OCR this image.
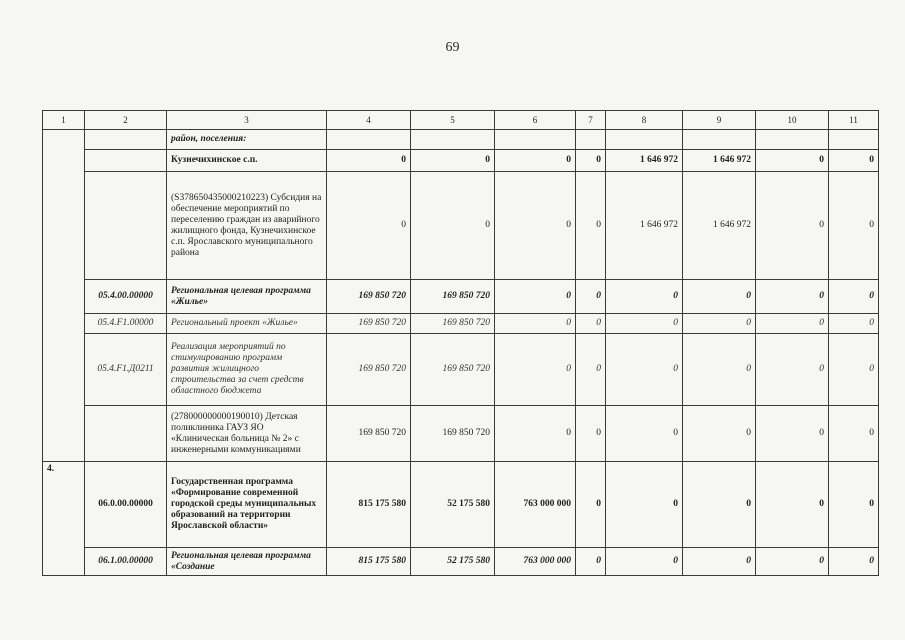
69
1	2	3	4	5	6	7	8	9	10	11
		район, поселения:								
		Кузнечихинское с.п.	0	0	0	0	1 646 972	1 646 972	0	0
		(S378650435000210223) Субсидия на обеспечение мероприятий по переселению граждан из аварийного жилищного фонда, Кузнечихинское с.п. Ярославского муниципального района	0	0	0	0	1 646 972	1 646 972	0	0
	05.4.00.00000	Региональная целевая программа «Жилье»	169 850 720	169 850 720	0	0	0	0	0	0
	05.4.F1.00000	Региональный проект «Жилье»	169 850 720	169 850 720	0	0	0	0	0	0
	05.4.F1.Д0211	Реализация мероприятий по стимулированию программ развития жилищного строительства за счет средств областного бюджета	169 850 720	169 850 720	0	0	0	0	0	0
		(278000000000190010) Детская поликлиника ГАУЗ ЯО «Клиническая больница № 2» с инженерными коммуникациями	169 850 720	169 850 720	0	0	0	0	0	0
4.	06.0.00.00000	Государственная программа «Формирование современной городской среды муниципальных образований на территории Ярославской области»	815 175 580	52 175 580	763 000 000	0	0	0	0	0
	06.1.00.00000	Региональная целевая программа «Создание	815 175 580	52 175 580	763 000 000	0	0	0	0	0
